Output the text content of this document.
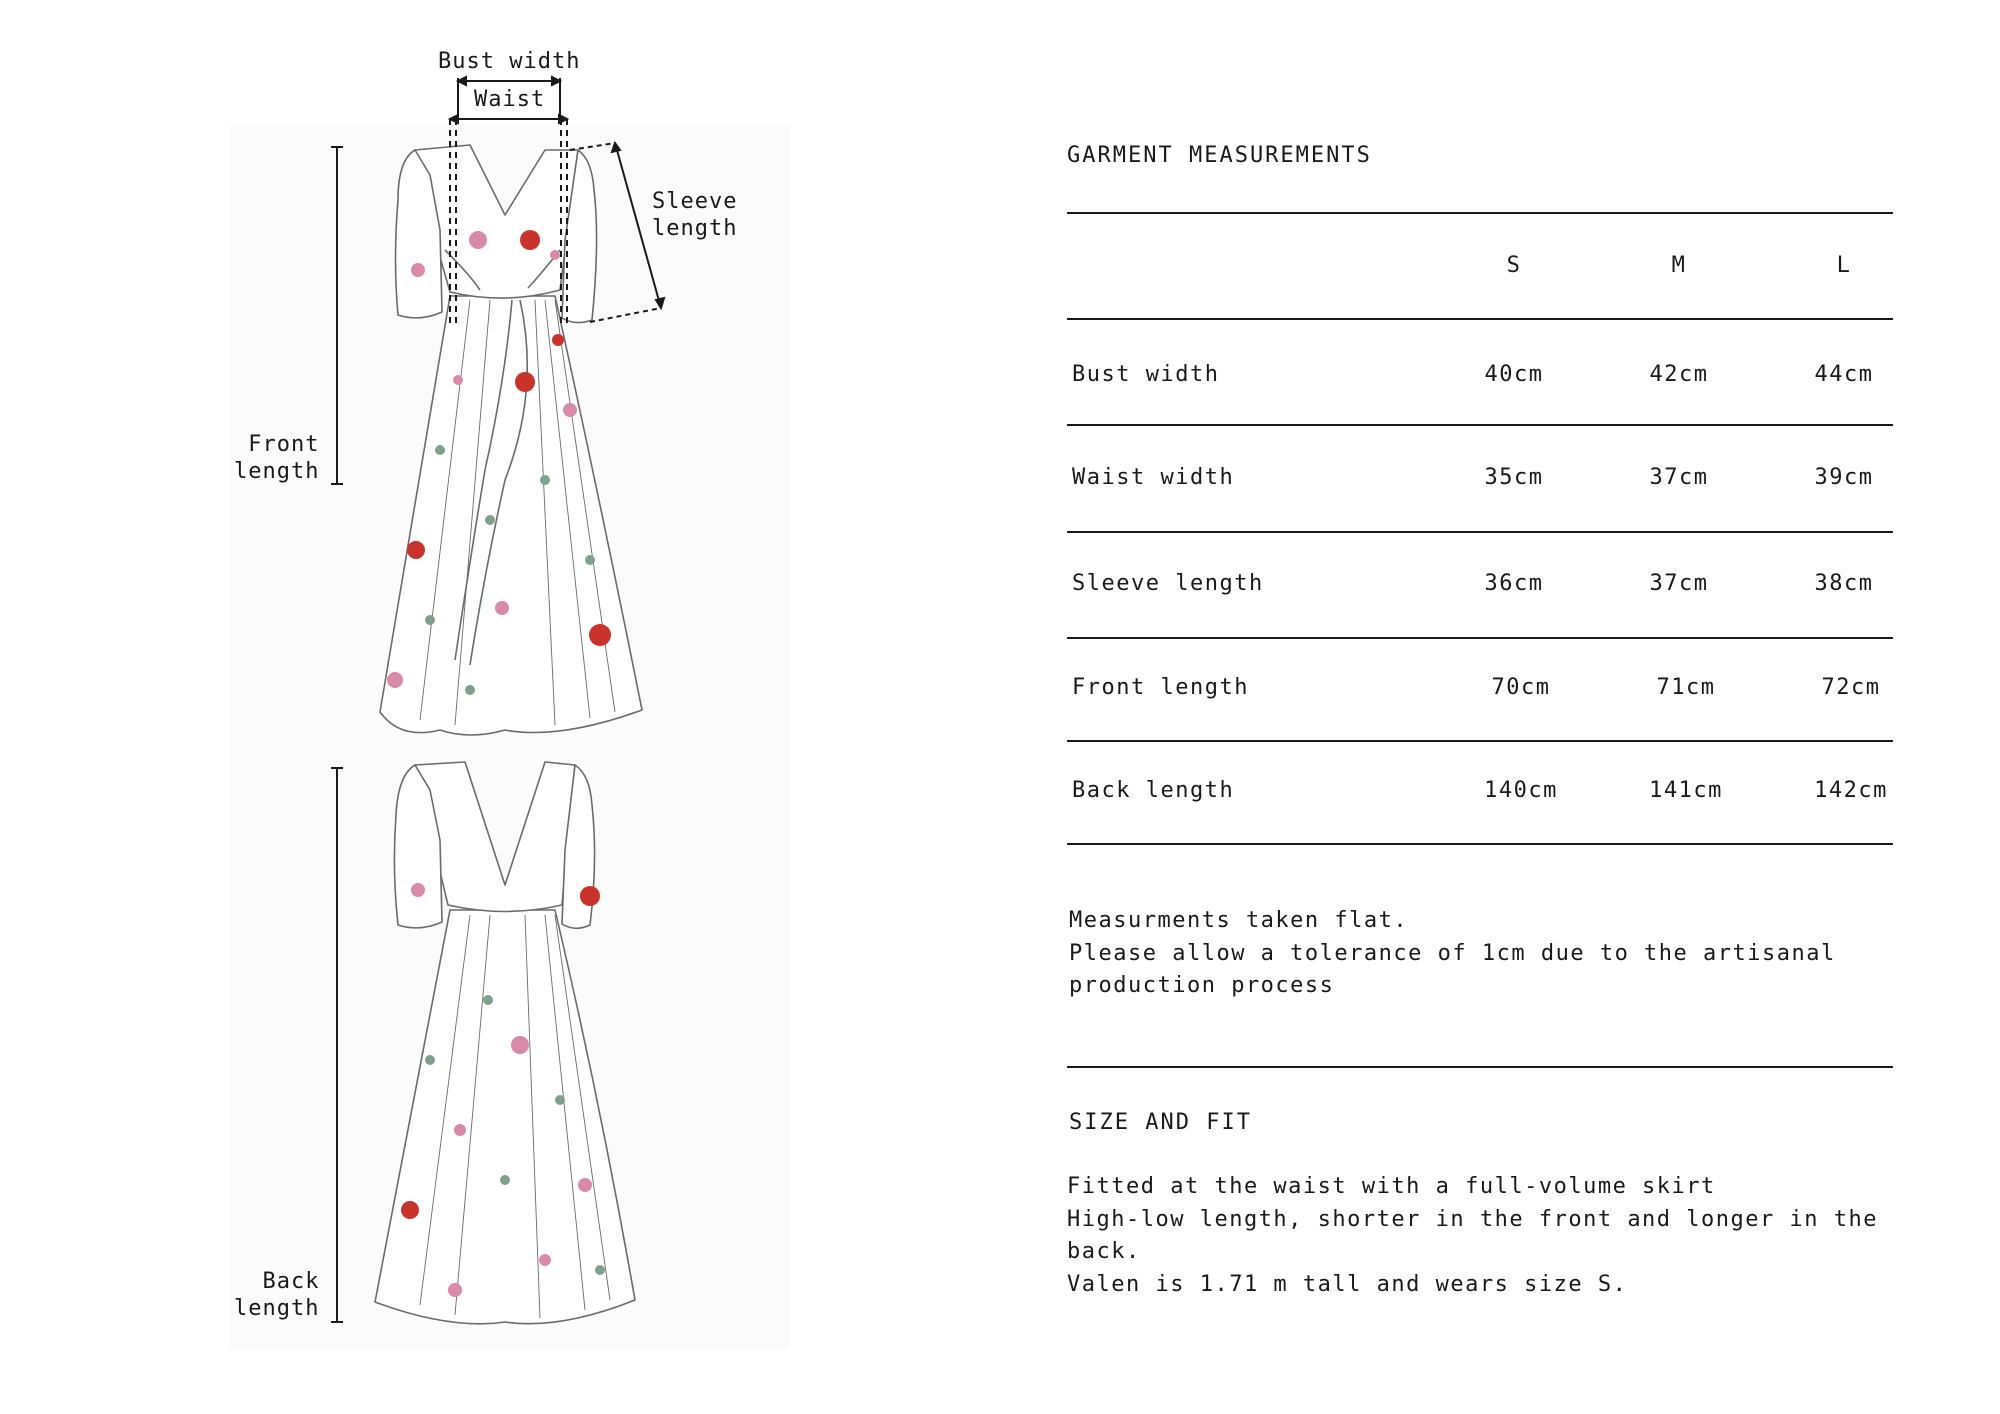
Bust width
Waist
Sleeve
length
Front
length
Back
length
GARMENT MEASUREMENTS
S	M	L
Bust width	40cm	42cm	44cm
Waist width	35cm	37cm	39cm
Sleeve length	36cm	37cm	38cm
Front length	70cm	71cm	72cm
Back length	140cm	141cm	142cm
Measurments taken flat.
Please allow a tolerance of 1cm due to the artisanal
production process
SIZE AND FIT
Fitted at the waist with a full-volume skirt
High-low length, shorter in the front and longer in the
back.
Valen is 1.71 m tall and wears size S.
